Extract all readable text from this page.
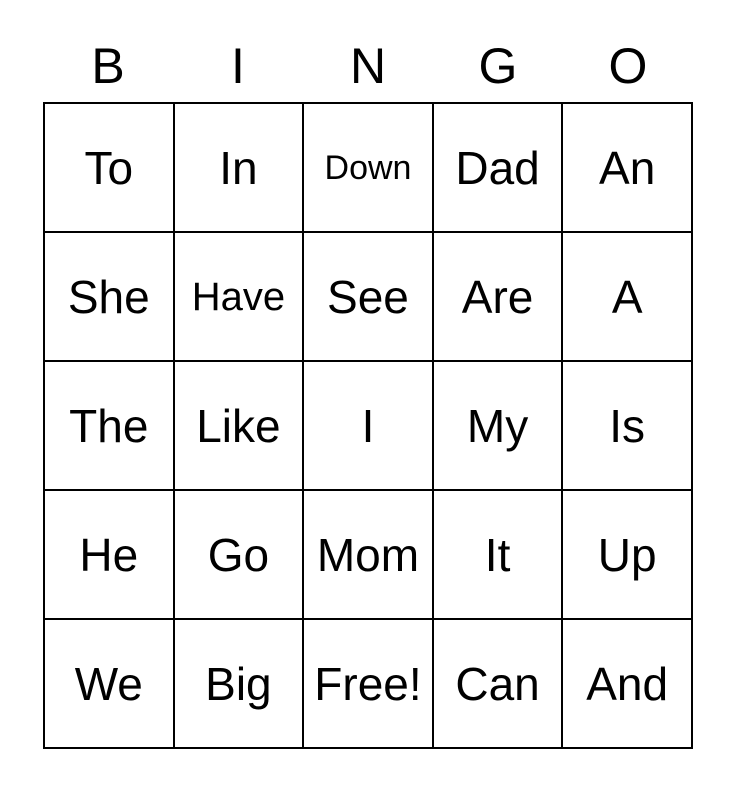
B	I	N	G	O
To In Down Dad An
She Have See Are A
The Like I My Is
He Go Mom It Up
We Big Free! Can And
